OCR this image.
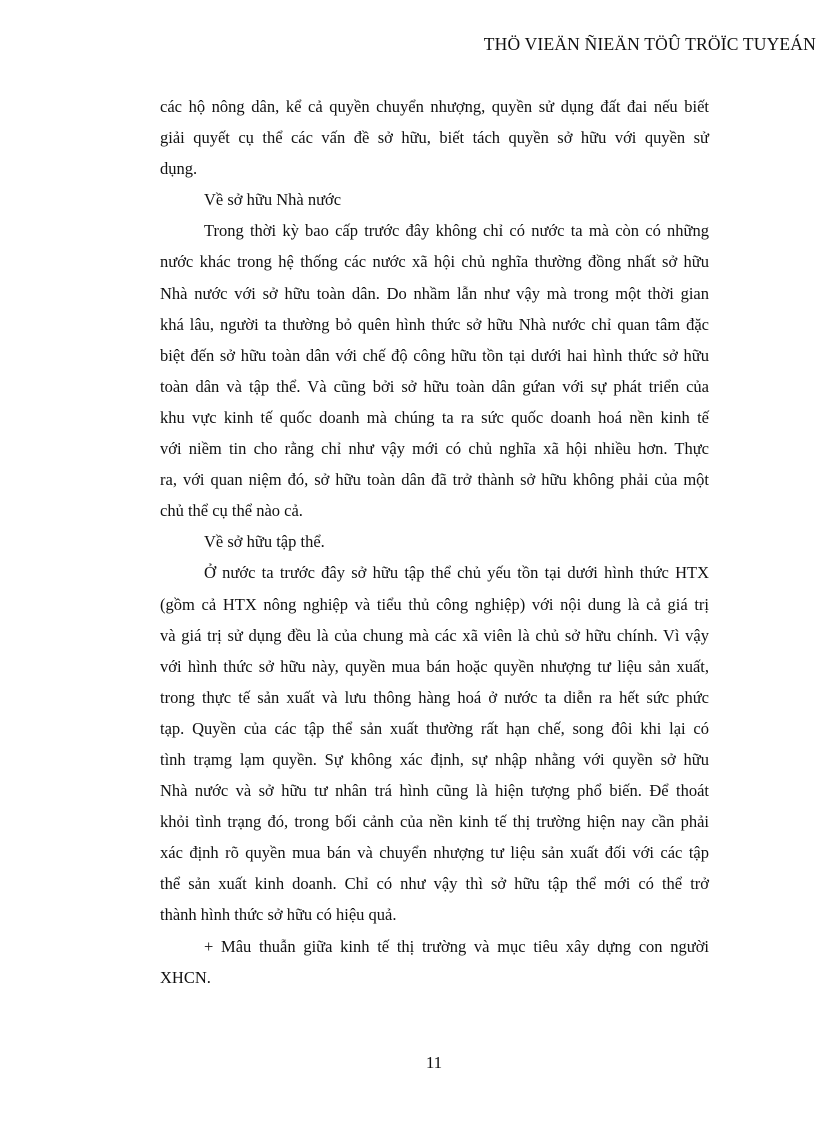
THÖ VIEÄN ÑIEÄN TÖÛ TRÖÏC TUYEÁN
các hộ nông dân, kể cả quyền chuyển nhượng, quyền sử dụng đất đai nếu biết
giải quyết cụ thể các vấn đề sở hữu, biết tách quyền sở hữu với quyền sử
dụng.
Về sở hữu Nhà nước
Trong thời kỳ bao cấp trước đây không chỉ có nước ta mà còn có những
nước khác trong hệ thống các nước xã hội chủ nghĩa thường đồng nhất sở hữu
Nhà nước với sở hữu toàn dân. Do nhầm lẫn như vậy mà trong một thời gian
khá lâu, người ta thường bỏ quên hình thức sở hữu Nhà nước chỉ quan tâm đặc
biệt đến sở hữu toàn dân với chế độ công hữu tồn tại dưới hai hình thức sở hữu
toàn dân và tập thể. Và cũng bởi sở hữu toàn dân gứan với sự phát triển của
khu vực kinh tế quốc doanh mà chúng ta ra sức quốc doanh hoá nền kinh tế
với niềm tin cho rằng chỉ như vậy mới có chủ nghĩa xã hội nhiều hơn. Thực
ra, với quan niệm đó, sở hữu toàn dân đã trở thành sở hữu không phải của một
chủ thể cụ thể nào cả.
Về sở hữu tập thể.
Ở nước ta trước đây sở hữu tập thể chủ yếu tồn tại dưới hình thức HTX
(gồm cả HTX nông nghiệp và tiểu thủ công nghiệp) với nội dung là cả giá trị
và giá trị sử dụng đều là của chung mà các xã viên là chủ sở hữu chính. Vì vậy
với hình thức sở hữu này, quyền mua bán hoặc quyền nhượng tư liệu sản xuất,
trong thực tế sản xuất và lưu thông hàng hoá ở nước ta diễn ra hết sức phức
tạp. Quyền của các tập thể sản xuất thường rất hạn chế, song đôi khi lại có
tình trạmg lạm quyền. Sự không xác định, sự nhập nhằng với quyền sở hữu
Nhà nước và sở hữu tư nhân trá hình cũng là hiện tượng phổ biến. Để thoát
khỏi tình trạng đó, trong bối cảnh của nền kinh tế thị trường hiện nay cần phải
xác định rõ quyền mua bán và chuyển nhượng tư liệu sản xuất đối với các tập
thể sản xuất kinh doanh. Chỉ có như vậy thì sở hữu tập thể mới có thể trở
thành hình thức sở hữu có hiệu quả.
+ Mâu thuẫn giữa kinh tế thị trường và mục tiêu xây dựng con người
XHCN.
11
